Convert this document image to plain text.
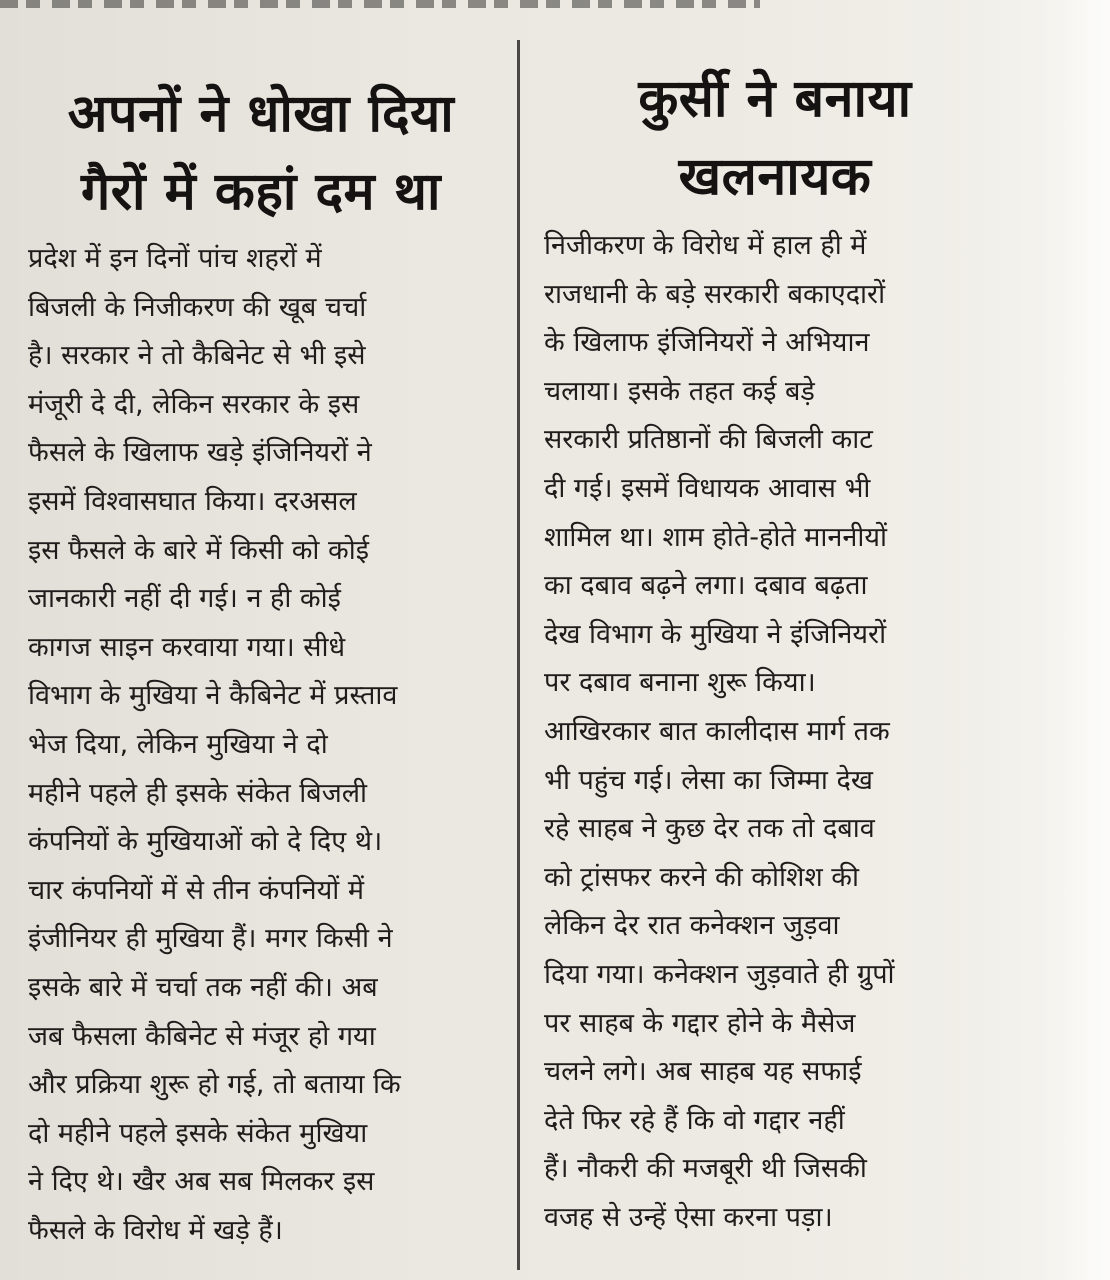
अपनों ने धोखा दिया
गैरों में कहां दम था
प्रदेश में इन दिनों पांच शहरों में
बिजली के निजीकरण की खूब चर्चा
है। सरकार ने तो कैबिनेट से भी इसे
मंजूरी दे दी, लेकिन सरकार के इस
फैसले के खिलाफ खड़े इंजिनियरों ने
इसमें विश्वासघात किया। दरअसल
इस फैसले के बारे में किसी को कोई
जानकारी नहीं दी गई। न ही कोई
कागज साइन करवाया गया। सीधे
विभाग के मुखिया ने कैबिनेट में प्रस्ताव
भेज दिया, लेकिन मुखिया ने दो
महीने पहले ही इसके संकेत बिजली
कंपनियों के मुखियाओं को दे दिए थे।
चार कंपनियों में से तीन कंपनियों में
इंजीनियर ही मुखिया हैं। मगर किसी ने
इसके बारे में चर्चा तक नहीं की। अब
जब फैसला कैबिनेट से मंजूर हो गया
और प्रक्रिया शुरू हो गई, तो बताया कि
दो महीने पहले इसके संकेत मुखिया
ने दिए थे। खैर अब सब मिलकर इस
फैसले के विरोध में खड़े हैं।
कुर्सी ने बनाया
खलनायक
निजीकरण के विरोध में हाल ही में
राजधानी के बड़े सरकारी बकाएदारों
के खिलाफ इंजिनियरों ने अभियान
चलाया। इसके तहत कई बड़े
सरकारी प्रतिष्ठानों की बिजली काट
दी गई। इसमें विधायक आवास भी
शामिल था। शाम होते-होते माननीयों
का दबाव बढ़ने लगा। दबाव बढ़ता
देख विभाग के मुखिया ने इंजिनियरों
पर दबाव बनाना शुरू किया।
आखिरकार बात कालीदास मार्ग तक
भी पहुंच गई। लेसा का जिम्मा देख
रहे साहब ने कुछ देर तक तो दबाव
को ट्रांसफर करने की कोशिश की
लेकिन देर रात कनेक्शन जुड़वा
दिया गया। कनेक्शन जुड़वाते ही ग्रुपों
पर साहब के गद्दार होने के मैसेज
चलने लगे। अब साहब यह सफाई
देते फिर रहे हैं कि वो गद्दार नहीं
हैं। नौकरी की मजबूरी थी जिसकी
वजह से उन्हें ऐसा करना पड़ा।
